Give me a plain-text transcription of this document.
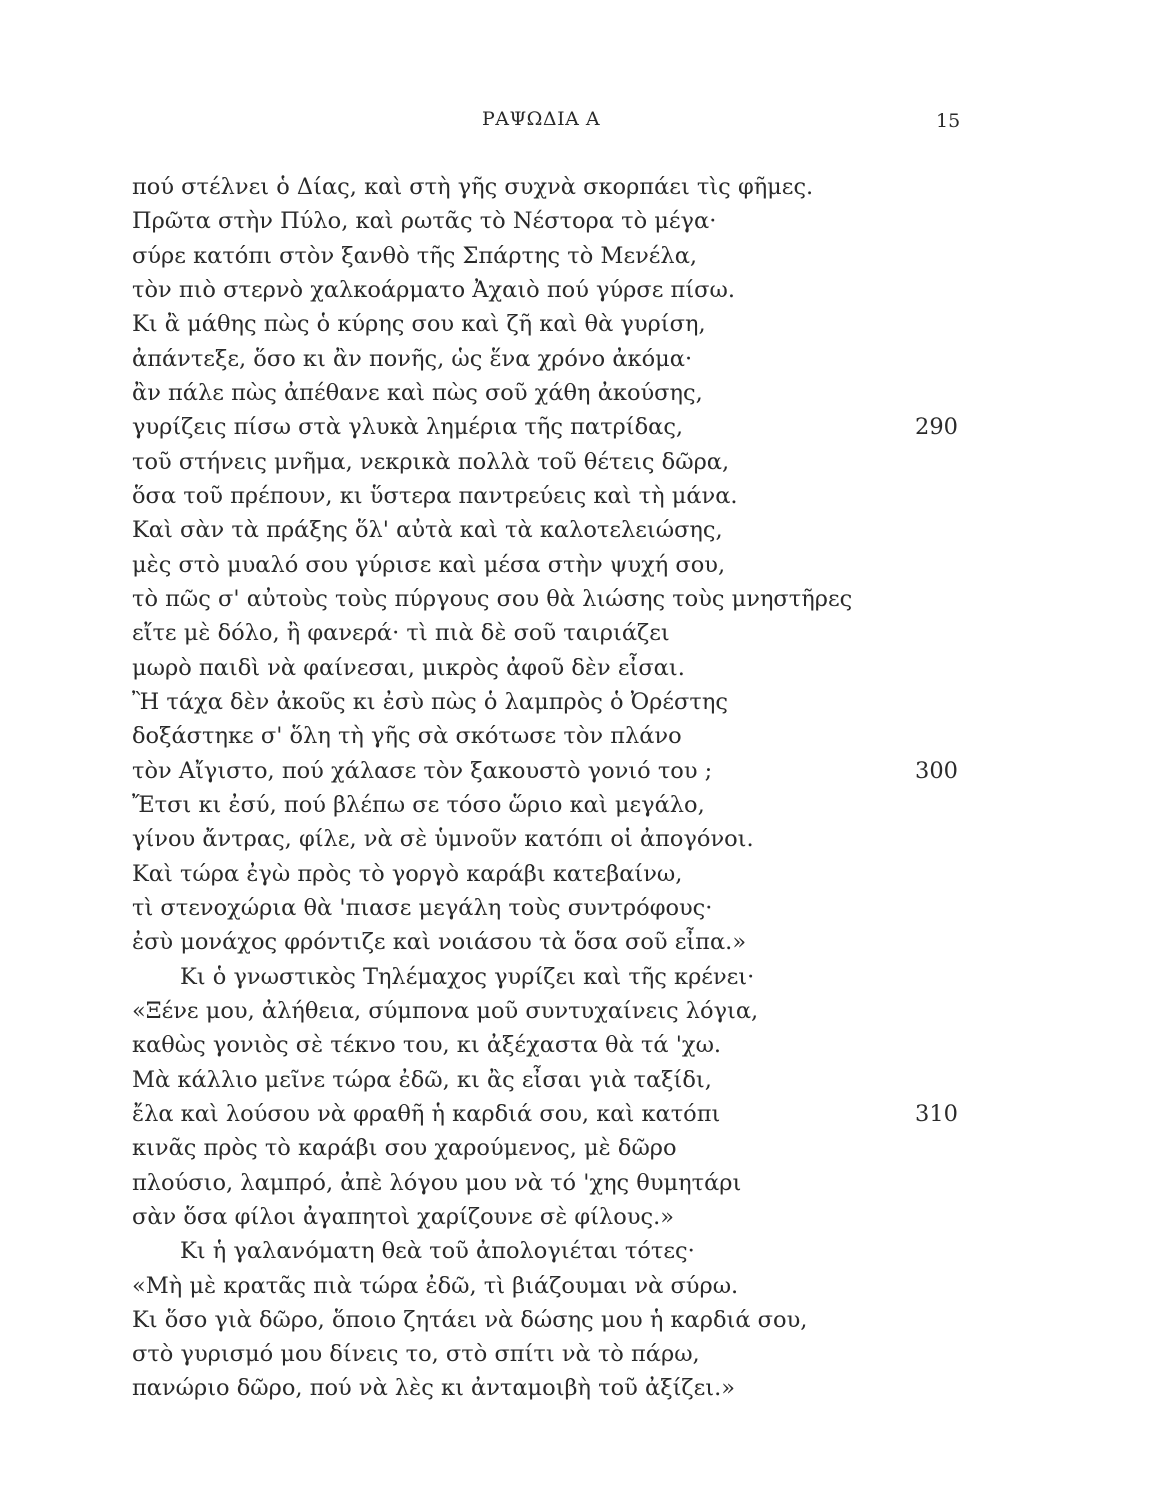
ΡΑΨΩΔΙΑ Α	15
πού στέλνει ὁ Δίας, καὶ στὴ γῆς συχνὰ σκορπάει τὶς φῆμες.
Πρῶτα στὴν Πύλο, καὶ ρωτᾶς τὸ Νέστορα τὸ μέγα·
σύρε κατόπι στὸν ξανθὸ τῆς Σπάρτης τὸ Μενέλα,
τὸν πιὸ στερνὸ χαλκοάρματο Ἀχαιὸ πού γύρσε πίσω.
Κι ἂ μάθης πὼς ὁ κύρης σου καὶ ζῆ καὶ θὰ γυρίση,
ἀπάντεξε, ὅσο κι ἂν πονῆς, ὡς ἕνα χρόνο ἀκόμα·
ἂν πάλε πὼς ἀπέθανε καὶ πὼς σοῦ χάθη ἀκούσης,
γυρίζεις πίσω στὰ γλυκὰ λημέρια τῆς πατρίδας,	290
τοῦ στήνεις μνῆμα, νεκρικὰ πολλὰ τοῦ θέτεις δῶρα,
ὅσα τοῦ πρέπουν, κι ὕστερα παντρεύεις καὶ τὴ μάνα.
Καὶ σὰν τὰ πράξης ὅλ' αὐτὰ καὶ τὰ καλοτελειώσης,
μὲς στὸ μυαλό σου γύρισε καὶ μέσα στὴν ψυχή σου,
τὸ πῶς σ' αὐτοὺς τοὺς πύργους σου θὰ λιώσης τοὺς μνηστῆρες
εἴτε μὲ δόλο, ἢ φανερά· τὶ πιὰ δὲ σοῦ ταιριάζει
μωρὸ παιδὶ νὰ φαίνεσαι, μικρὸς ἀφοῦ δὲν εἶσαι.
Ἢ τάχα δὲν ἀκοῦς κι ἐσὺ πὼς ὁ λαμπρὸς ὁ Ὀρέστης
δοξάστηκε σ' ὅλη τὴ γῆς σὰ σκότωσε τὸν πλάνο
τὸν Αἴγιστο, πού χάλασε τὸν ξακουστὸ γονιό του ;	300
Ἔτσι κι ἐσύ, πού βλέπω σε τόσο ὥριο καὶ μεγάλο,
γίνου ἄντρας, φίλε, νὰ σὲ ὑμνοῦν κατόπι οἱ ἀπογόνοι.
Καὶ τώρα ἐγὼ πρὸς τὸ γοργὸ καράβι κατεβαίνω,
τὶ στενοχώρια θὰ 'πιασε μεγάλη τοὺς συντρόφους·
ἐσὺ μονάχος φρόντιζε καὶ νοιάσου τὰ ὅσα σοῦ εἶπα.»
Κι ὁ γνωστικὸς Τηλέμαχος γυρίζει καὶ τῆς κρένει·
«Ξένε μου, ἀλήθεια, σύμπονα μοῦ συντυχαίνεις λόγια,
καθὼς γονιὸς σὲ τέκνο του, κι ἀξέχαστα θὰ τά 'χω.
Μὰ κάλλιο μεῖνε τώρα ἐδῶ, κι ἂς εἶσαι γιὰ ταξίδι,
ἔλα καὶ λούσου νὰ φραθῆ ἡ καρδιά σου, καὶ κατόπι	310
κινᾶς πρὸς τὸ καράβι σου χαρούμενος, μὲ δῶρο
πλούσιο, λαμπρό, ἀπὲ λόγου μου νὰ τό 'χης θυμητάρι
σὰν ὅσα φίλοι ἀγαπητοὶ χαρίζουνε σὲ φίλους.»
Κι ἡ γαλανόματη θεὰ τοῦ ἀπολογιέται τότες·
«Μὴ μὲ κρατᾶς πιὰ τώρα ἐδῶ, τὶ βιάζουμαι νὰ σύρω.
Κι ὅσο γιὰ δῶρο, ὅποιο ζητάει νὰ δώσης μου ἡ καρδιά σου,
στὸ γυρισμό μου δίνεις το, στὸ σπίτι νὰ τὸ πάρω,
πανώριο δῶρο, πού νὰ λὲς κι ἀνταμοιβὴ τοῦ ἀξίζει.»
